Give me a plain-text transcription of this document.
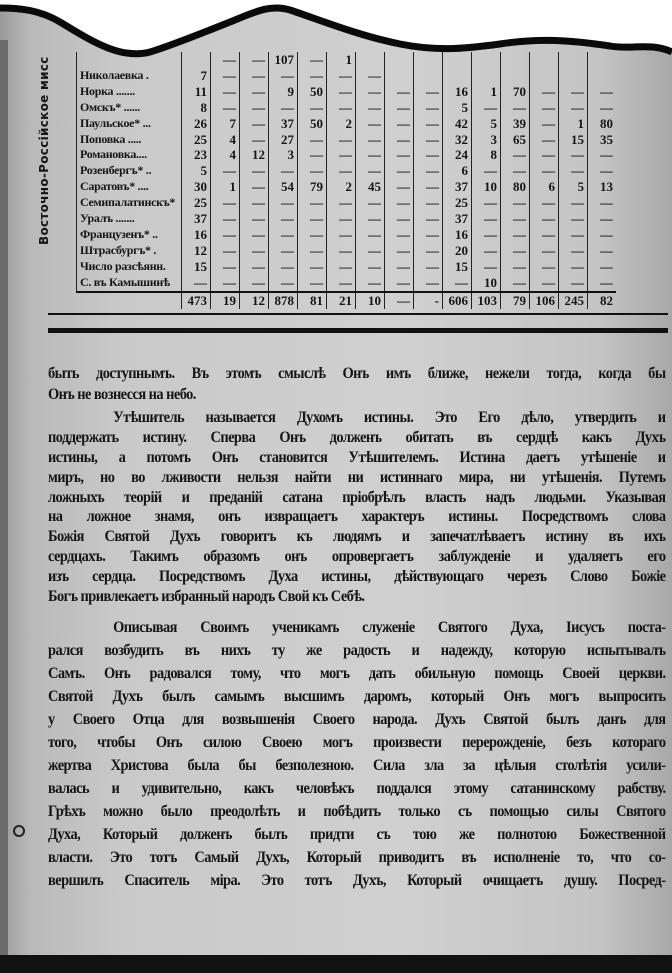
Восточно-Россійское мисс
			—	—	107	—	1									
Николаевка .	7	—	—	—	—	—	—								
Норка .......	11	—	—	9	50	—	—	—	—	16	1	70	—	—	—
Омскъ* ......	8	—	—	—	—	—	—	—	—	5	—	—	—	—	—
Паульское* ...	26	7	—	37	50	2	—	—	—	42	5	39	—	1	80
Поповка .....	25	4	—	27	—	—	—	—	—	32	3	65	—	15	35
Романовка....	23	4	12	3	—	—	—	—	—	24	8	—	—	—	—
Розенбергъ* ..	5	—	—	—	—	—	—	—	—	6	—	—	—	—	—
Саратовъ* ....	30	1	—	54	79	2	45	—	—	37	10	80	6	5	13
Семипалатинскъ*	25	—	—	—	—	—	—	—	—	25	—	—	—	—	—
Уралъ .......	37	—	—	—	—	—	—	—	—	37	—	—	—	—	—
Французенъ* ..	16	—	—	—	—	—	—	—	—	16	—	—	—	—	—
Штрасбургъ* .	12	—	—	—	—	—	—	—	—	20	—	—	—	—	—
Число разсѣянн.	15	—	—	—	—	—	—	—	—	15	—	—	—	—	—
С. въ Камышинѣ	—	—	—	—	—	—	—	—	—	—	10	—	—	—	—
	473	19	12	878	81	21	10	—	-	606	103	79	106	245	82
быть доступнымъ. Въ этомъ смыслѣ Онъ имъ ближе, нежели тогда, когда бы
Онъ не вознесся на небо.
Утѣшитель называется Духомъ истины. Это Его дѣло, утвердить и
поддержать истину. Сперва Онъ долженъ обитать въ сердцѣ какъ Духъ
истины, а потомъ Онъ становится Утѣшителемъ. Истина даетъ утѣшеніе и
миръ, но во лживости нельзя найти ни истиннаго мира, ни утѣшенія. Путемъ
ложныхъ теорій и преданій сатана пріобрѣлъ власть надъ людьми. Указывая
на ложное знамя, онъ извращаетъ характеръ истины. Посредствомъ слова
Божія Святой Духъ говоритъ къ людямъ и запечатлѣваетъ истину въ ихъ
сердцахъ. Такимъ образомъ онъ опровергаетъ заблужденіе и удаляетъ его
изъ сердца. Посредствомъ Духа истины, дѣйствующаго черезъ Слово Божіе
Богъ привлекаетъ избранный народъ Свой къ Себѣ.
Описывая Своимъ ученикамъ служеніе Святого Духа, Іисусъ поста-
рался возбудить въ нихъ ту же радость и надежду, которую испытывалъ
Самъ. Онъ радовался тому, что могъ дать обильную помощь Своей церкви.
Святой Духъ былъ самымъ высшимъ даромъ, который Онъ могъ выпросить
у Своего Отца для возвышенія Своего народа. Духъ Святой былъ данъ для
того, чтобы Онъ силою Своею могъ произвести перерожденіе, безъ котораго
жертва Христова была бы безполезною. Сила зла за цѣлыя столѣтія усили-
валась и удивительно, какъ человѣкъ поддался этому сатанинскому рабству.
Грѣхъ можно было преодолѣть и побѣдить только съ помощью силы Святого
Духа, Который долженъ былъ придти съ тою же полнотою Божественной
власти. Это тотъ Самый Духъ, Который приводитъ въ исполненіе то, что со-
вершилъ Спаситель міра. Это тотъ Духъ, Который очищаетъ душу. Посред-
